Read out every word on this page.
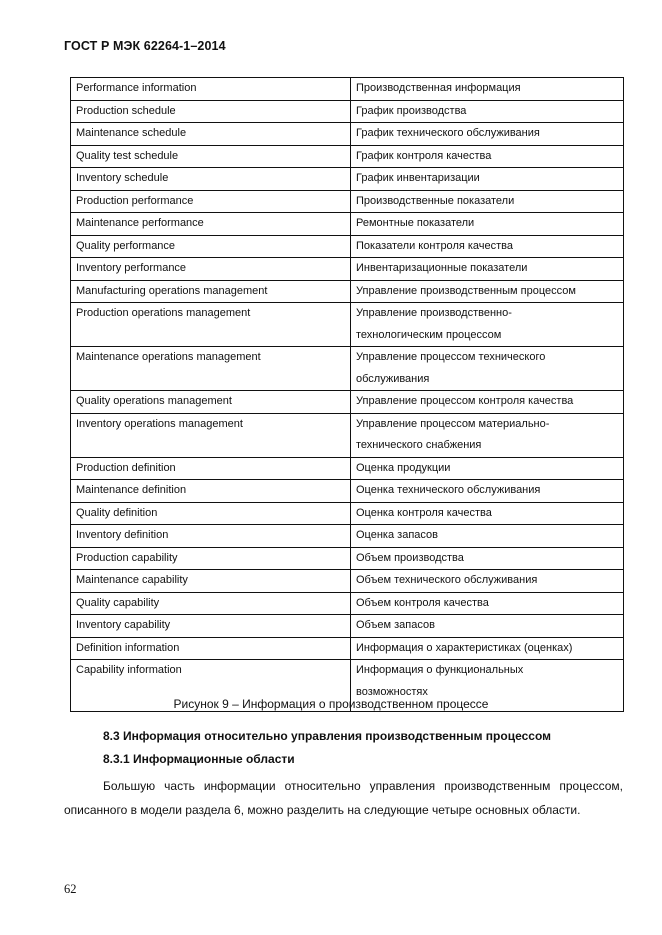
ГОСТ Р МЭК 62264-1–2014
Performance information	Производственная информация
Production schedule	График производства
Maintenance schedule	График технического обслуживания
Quality test schedule	График контроля качества
Inventory schedule	График инвентаризации
Production performance	Производственные показатели
Maintenance performance	Ремонтные показатели
Quality performance	Показатели контроля качества
Inventory performance	Инвентаризационные показатели
Manufacturing operations management	Управление производственным процессом
Production operations management	Управление производственно-
технологическим процессом
Maintenance operations management	Управление процессом технического
обслуживания
Quality operations management	Управление процессом контроля качества
Inventory operations management	Управление процессом материально-
технического снабжения
Production definition	Оценка продукции
Maintenance definition	Оценка технического обслуживания
Quality definition	Оценка контроля качества
Inventory definition	Оценка запасов
Production capability	Объем производства
Maintenance capability	Объем технического обслуживания
Quality capability	Объем контроля качества
Inventory capability	Объем запасов
Definition information	Информация о характеристиках (оценках)
Capability information	Информация о функциональных
возможностях
Рисунок 9 – Информация о производственном процессе
8.3 Информация относительно управления производственным процессом
8.3.1 Информационные области

Большую часть информации относительно управления производственным процессом, описанного в модели раздела 6, можно разделить на следующие четыре основных области.

62
